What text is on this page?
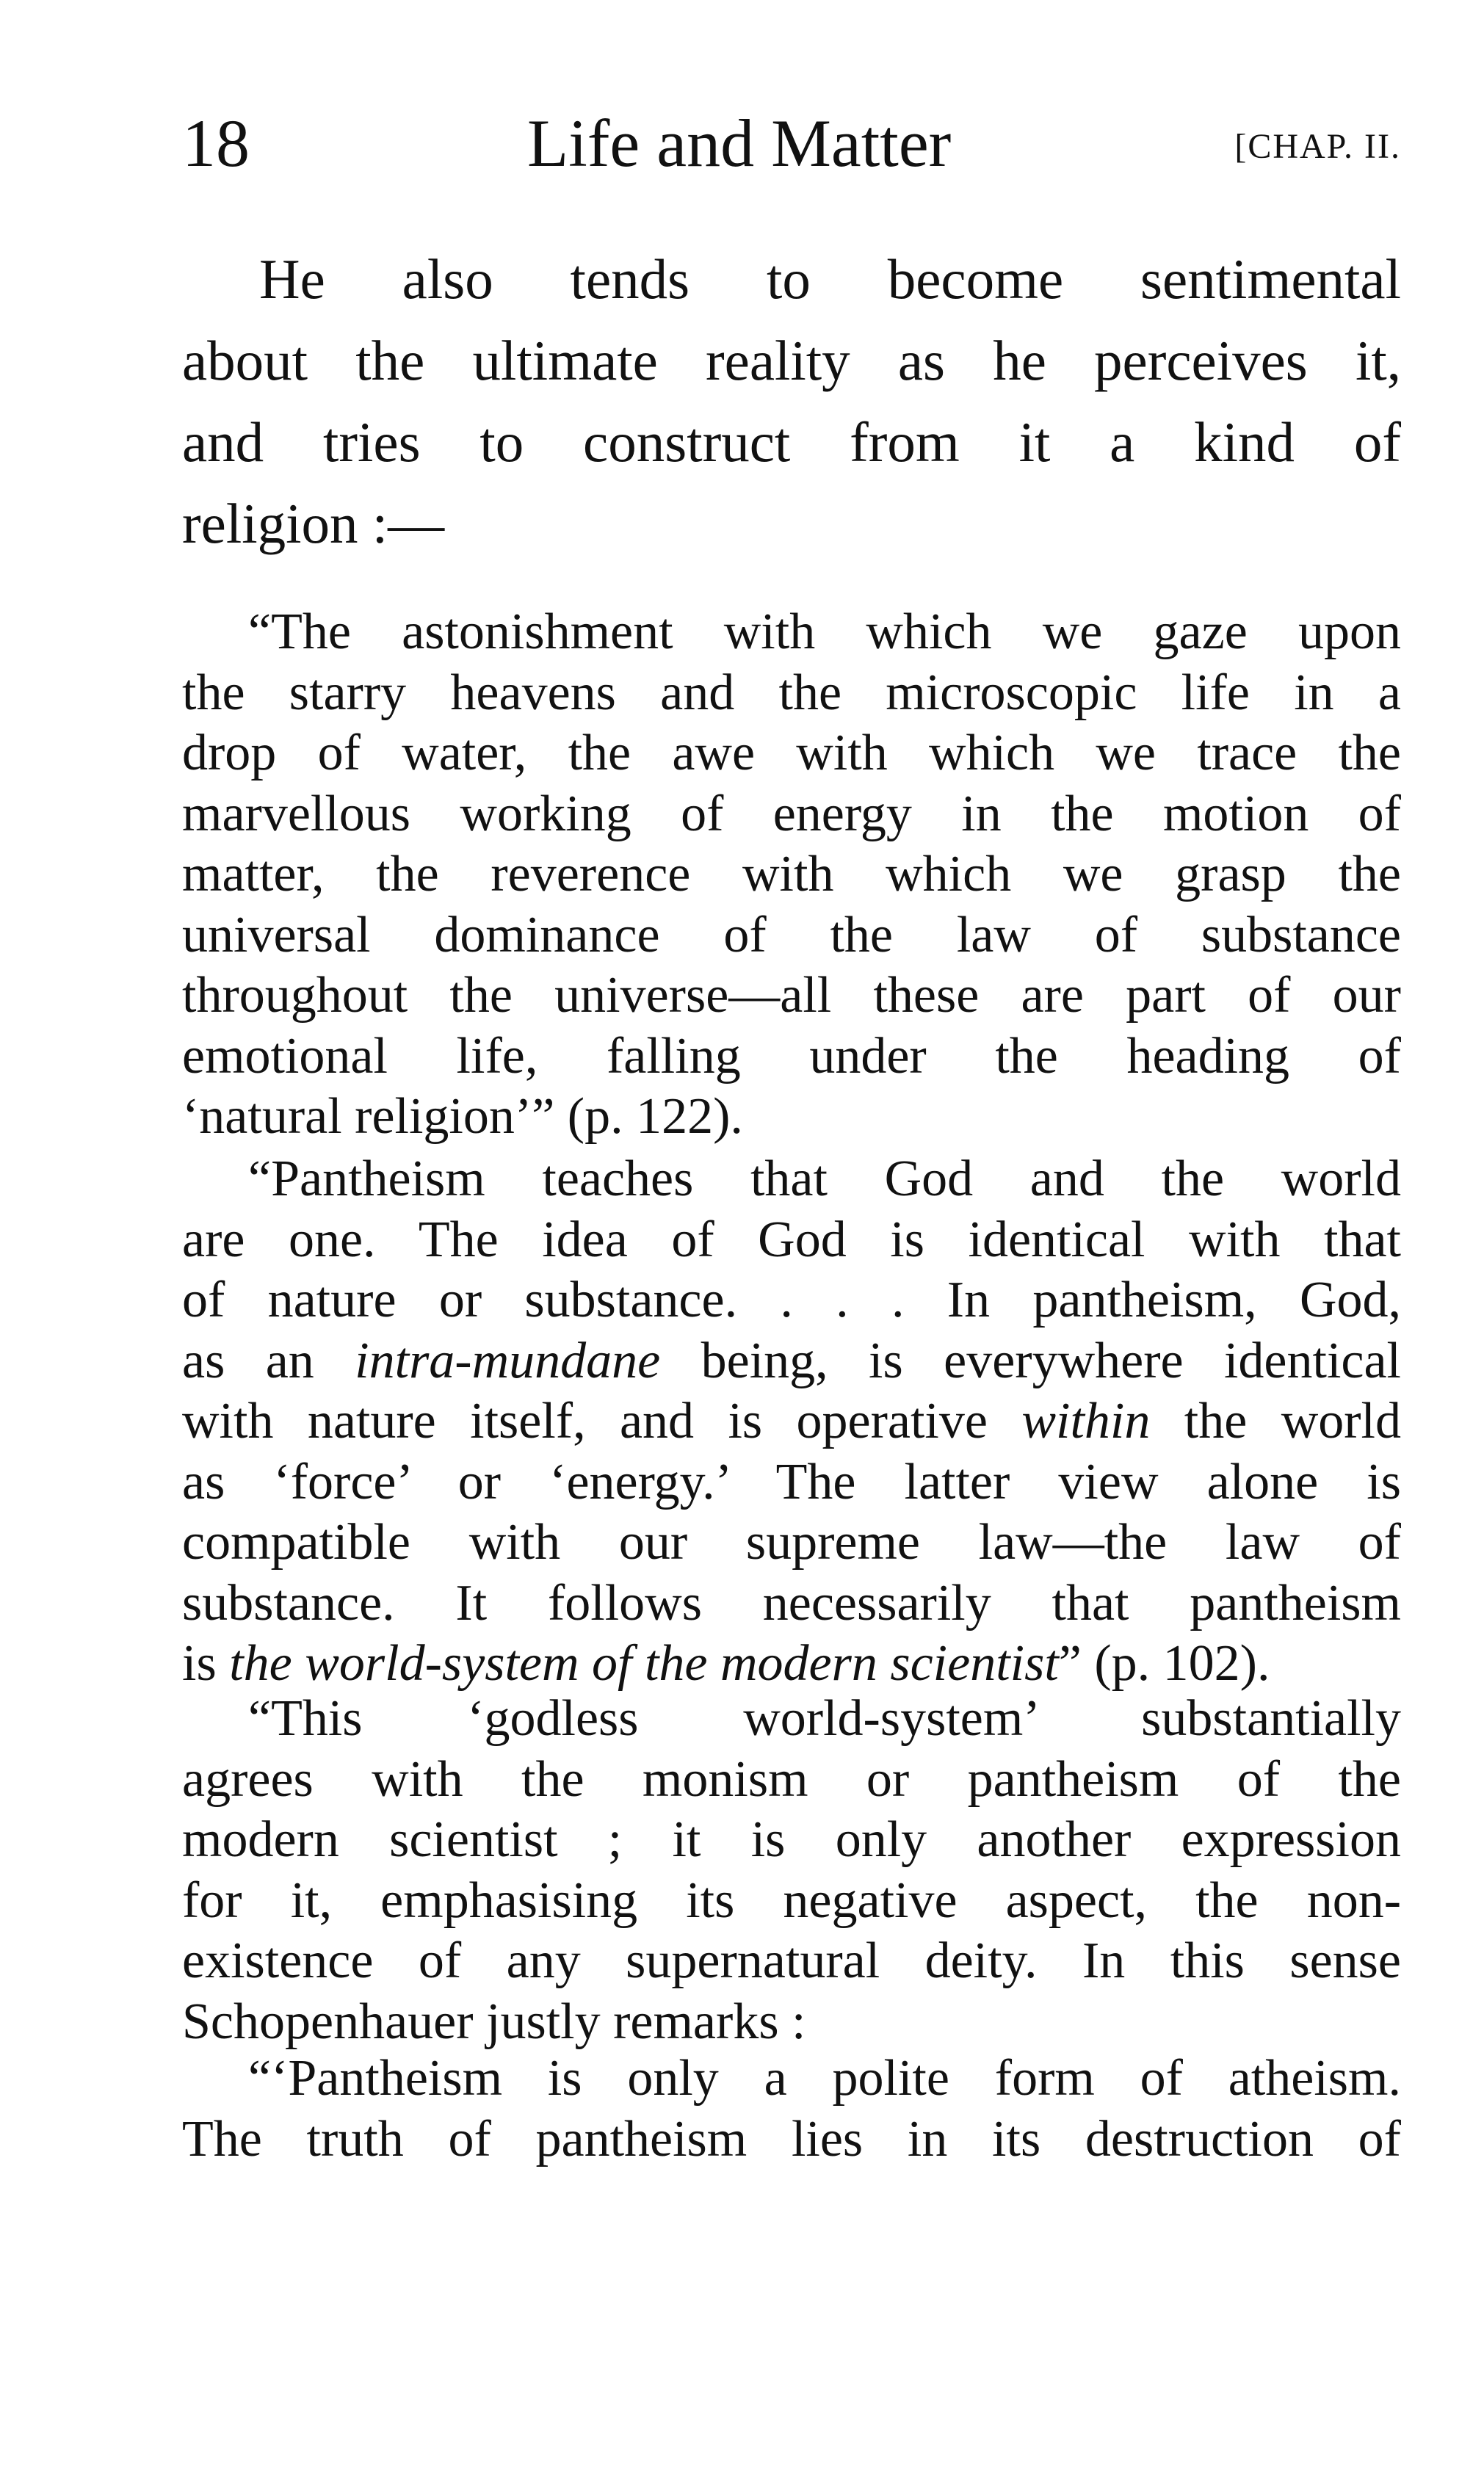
18	Life and Matter	[CHAP. II.
He also tends to become sentimental
about the ultimate reality as he perceives it,
and tries to construct from it a kind of
religion :—
“The astonishment with which we gaze upon
the starry heavens and the microscopic life in a
drop of water, the awe with which we trace the
marvellous working of energy in the motion of
matter, the reverence with which we grasp the
universal dominance of the law of substance
throughout the universe—all these are part of our
emotional life, falling under the heading of
‘natural religion’” (p. 122).
“Pantheism teaches that God and the world
are one. The idea of God is identical with that
of nature or substance. . . . In pantheism, God,
as an intra-mundane being, is everywhere identical
with nature itself, and is operative within the world
as ‘force’ or ‘energy.’ The latter view alone is
compatible with our supreme law—the law of
substance. It follows necessarily that pantheism
is the world-system of the modern scientist” (p. 102).
“This ‘godless world-system’ substantially
agrees with the monism or pantheism of the
modern scientist ; it is only another expression
for it, emphasising its negative aspect, the non-
existence of any supernatural deity. In this sense
Schopenhauer justly remarks :
“‘Pantheism is only a polite form of atheism.
The truth of pantheism lies in its destruction of
